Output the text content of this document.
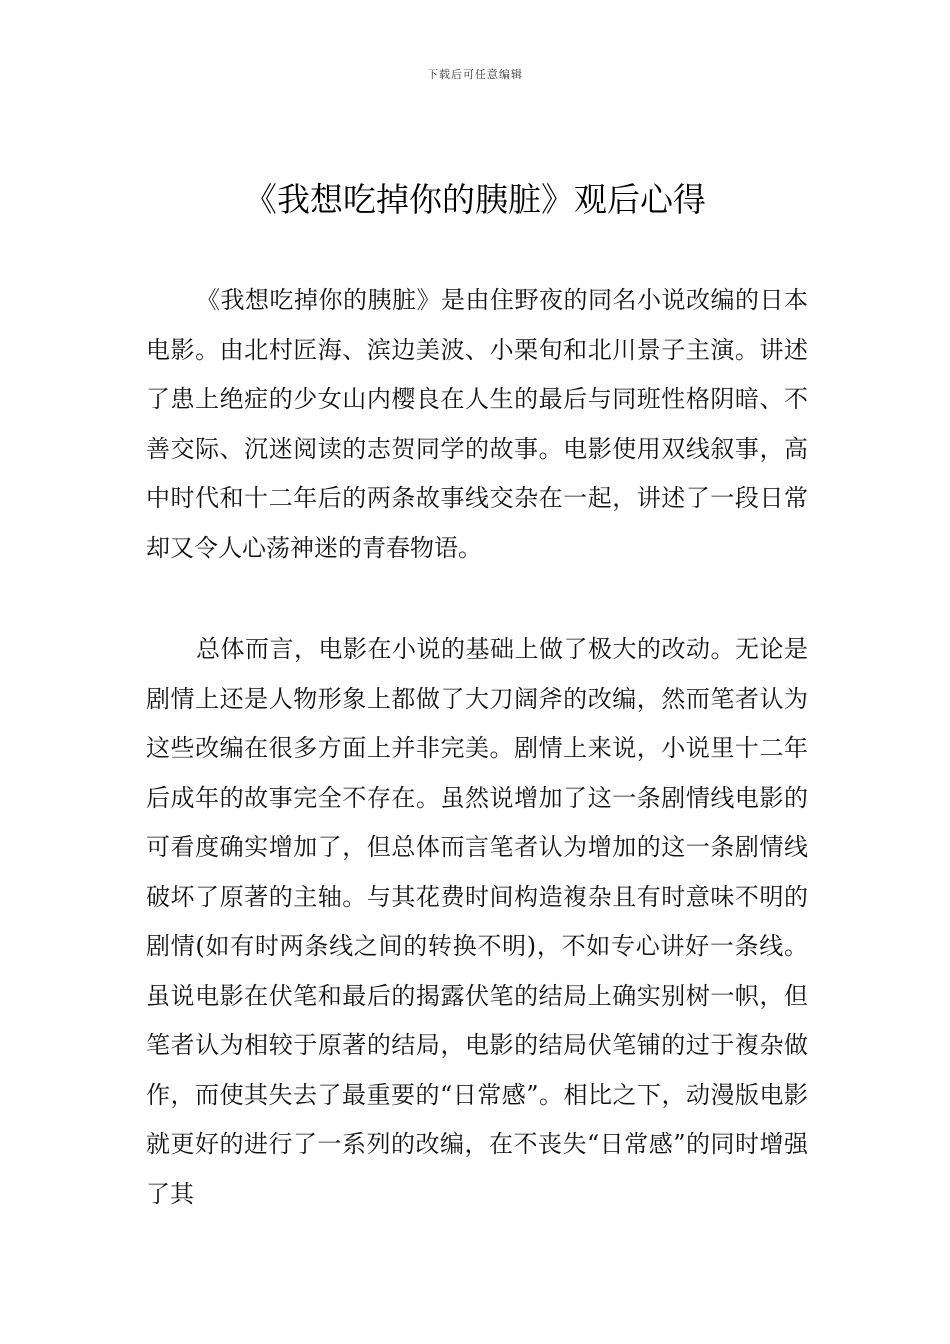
下载后可任意编辑
《我想吃掉你的胰脏》观后心得

《我想吃掉你的胰脏》是由住野夜的同名小说改编的日本电影。由北村匠海、滨边美波、小栗旬和北川景子主演。讲述了患上绝症的少女山内樱良在人生的最后与同班性格阴暗、不善交际、沉迷阅读的志贺同学的故事。电影使用双线叙事，高中时代和十二年后的两条故事线交杂在一起，讲述了一段日常却又令人心荡神迷的青春物语。

总体而言，电影在小说的基础上做了极大的改动。无论是剧情上还是人物形象上都做了大刀阔斧的改编，然而笔者认为这些改编在很多方面上并非完美。剧情上来说，小说里十二年后成年的故事完全不存在。虽然说增加了这一条剧情线电影的可看度确实增加了，但总体而言笔者认为增加的这一条剧情线破坏了原著的主轴。与其花费时间构造複杂且有时意味不明的剧情(如有时两条线之间的转换不明)，不如专心讲好一条线。虽说电影在伏笔和最后的揭露伏笔的结局上确实别树一帜，但笔者认为相较于原著的结局，电影的结局伏笔铺的过于複杂做作，而使其失去了最重要的“日常感”。相比之下，动漫版电影就更好的进行了一系列的改编，在不丧失“日常感”的同时增强了其
